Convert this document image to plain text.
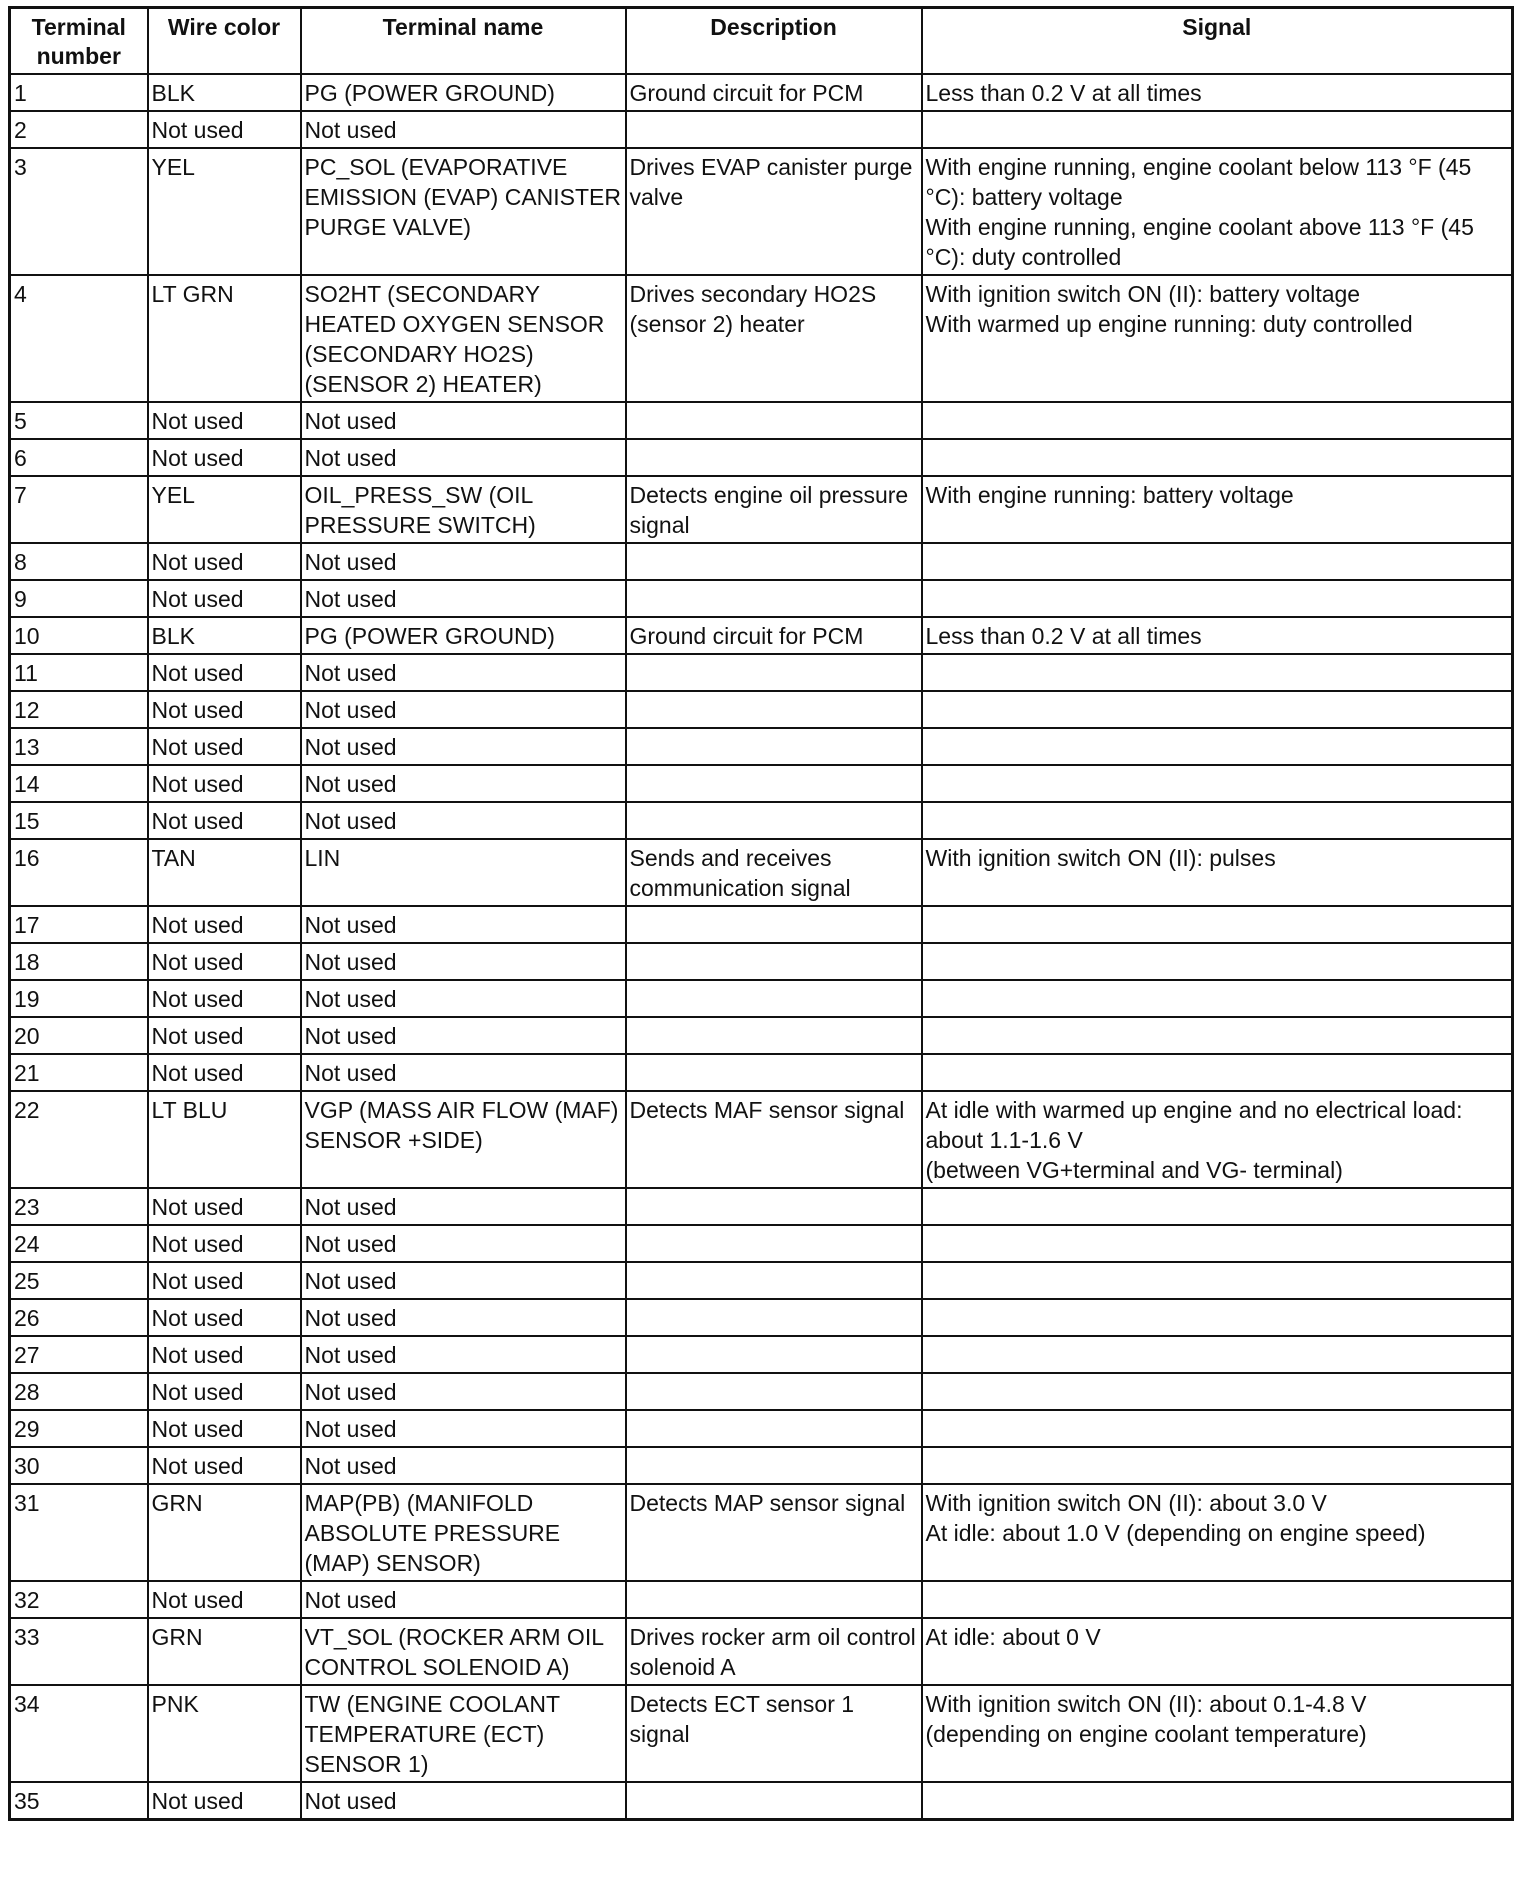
Terminal number	Wire color	Terminal name	Description	Signal
1	BLK	PG (POWER GROUND)	Ground circuit for PCM	Less than 0.2 V at all times

2	Not used	Not used		

3	YEL	PC_SOL (EVAPORATIVE EMISSION (EVAP) CANISTER PURGE VALVE)	Drives EVAP canister purge valve	With engine running, engine coolant below 113 °F (45 °C): battery voltage
With engine running, engine coolant above 113 °F (45 °C): duty controlled

4	LT GRN	SO2HT (SECONDARY HEATED OXYGEN SENSOR (SECONDARY HO2S) (SENSOR 2) HEATER)	Drives secondary HO2S (sensor 2) heater	With ignition switch ON (II): battery voltage
With warmed up engine running: duty controlled

5	Not used	Not used		

6	Not used	Not used		

7	YEL	OIL_PRESS_SW (OIL PRESSURE SWITCH)	Detects engine oil pressure signal	With engine running: battery voltage

8	Not used	Not used		

9	Not used	Not used		

10	BLK	PG (POWER GROUND)	Ground circuit for PCM	Less than 0.2 V at all times

11	Not used	Not used		

12	Not used	Not used		

13	Not used	Not used		

14	Not used	Not used		

15	Not used	Not used		

16	TAN	LIN	Sends and receives communication signal	With ignition switch ON (II): pulses

17	Not used	Not used		

18	Not used	Not used		

19	Not used	Not used		

20	Not used	Not used		

21	Not used	Not used		

22	LT BLU	VGP (MASS AIR FLOW (MAF) SENSOR +SIDE)	Detects MAF sensor signal	At idle with warmed up engine and no electrical load: about 1.1-1.6 V
(between VG+terminal and VG- terminal)

23	Not used	Not used		

24	Not used	Not used		

25	Not used	Not used		

26	Not used	Not used		

27	Not used	Not used		

28	Not used	Not used		

29	Not used	Not used		

30	Not used	Not used		

31	GRN	MAP(PB) (MANIFOLD ABSOLUTE PRESSURE (MAP) SENSOR)	Detects MAP sensor signal	With ignition switch ON (II): about 3.0 V
At idle: about 1.0 V (depending on engine speed)

32	Not used	Not used		

33	GRN	VT_SOL (ROCKER ARM OIL CONTROL SOLENOID A)	Drives rocker arm oil control solenoid A	At idle: about 0 V

34	PNK	TW (ENGINE COOLANT TEMPERATURE (ECT) SENSOR 1)	Detects ECT sensor 1 signal	With ignition switch ON (II): about 0.1-4.8 V
(depending on engine coolant temperature)

35	Not used	Not used		
